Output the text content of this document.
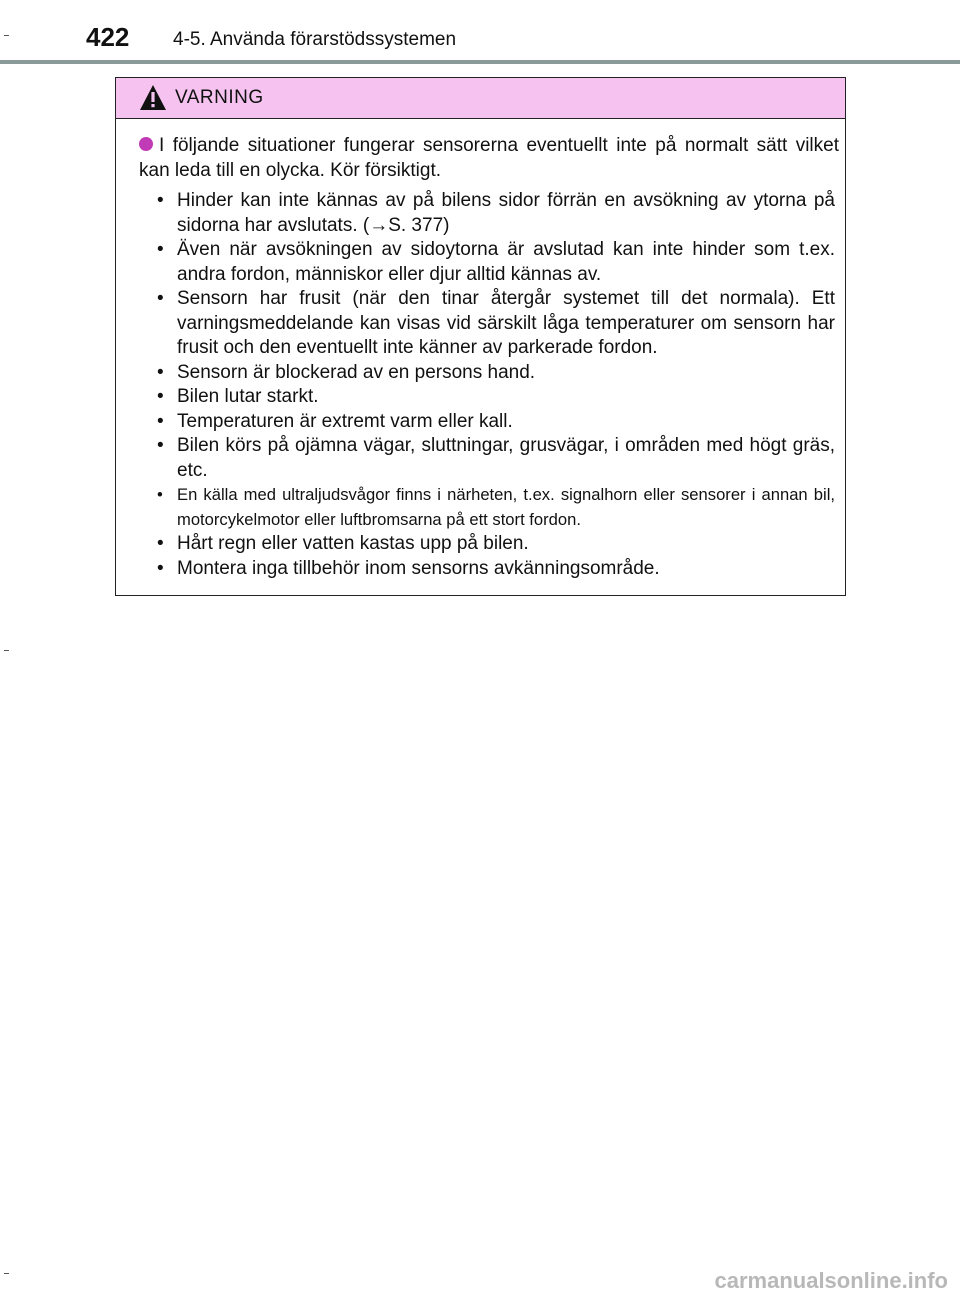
422 4-5. Använda förarstödssystemen
VARNING
I följande situationer fungerar sensorerna eventuellt inte på normalt sätt vilket kan leda till en olycka. Kör försiktigt.
• Hinder kan inte kännas av på bilens sidor förrän en avsökning av ytorna på sidorna har avslutats. (→S. 377)
• Även när avsökningen av sidoytorna är avslutad kan inte hinder som t.ex. andra fordon, människor eller djur alltid kännas av.
• Sensorn har frusit (när den tinar återgår systemet till det normala). Ett varningsmeddelande kan visas vid särskilt låga temperaturer om sensorn har frusit och den eventuellt inte känner av parkerade fordon.
• Sensorn är blockerad av en persons hand.
• Bilen lutar starkt.
• Temperaturen är extremt varm eller kall.
• Bilen körs på ojämna vägar, sluttningar, grusvägar, i områden med högt gräs, etc.
• En källa med ultraljudsvågor finns i närheten, t.ex. signalhorn eller sensorer i annan bil, motorcykelmotor eller luftbromsarna på ett stort fordon.
• Hårt regn eller vatten kastas upp på bilen.
• Montera inga tillbehör inom sensorns avkänningsområde.
carmanualsonline.info
